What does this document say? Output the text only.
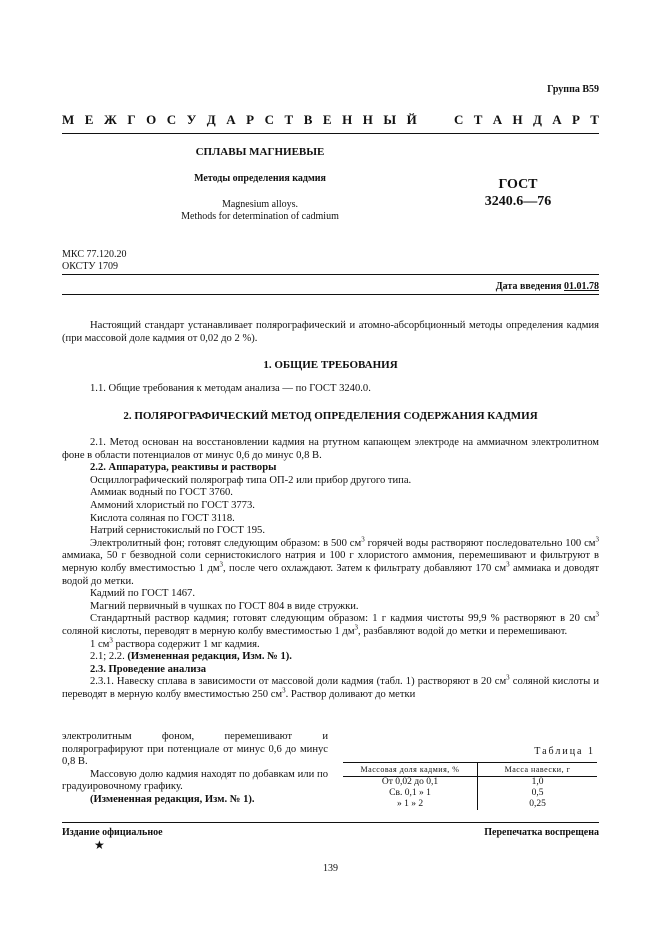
Группа В59
М Е Ж Г О С У Д А Р С Т В Е Н Н Ы Й	С Т А Н Д А Р Т
СПЛАВЫ МАГНИЕВЫЕ
Методы определения кадмия
Magnesium alloys.
Methods for determination of cadmium
ГОСТ
3240.6—76
МКС 77.120.20
ОКСТУ 1709
Дата введения 01.01.78

Настоящий стандарт устанавливает полярографический и атомно-абсорбционный методы определения кадмия (при массовой доле кадмия от 0,02 до 2 %).

1. ОБЩИЕ ТРЕБОВАНИЯ

1.1. Общие требования к методам анализа — по ГОСТ 3240.0.

2. ПОЛЯРОГРАФИЧЕСКИЙ МЕТОД ОПРЕДЕЛЕНИЯ СОДЕРЖАНИЯ КАДМИЯ

2.1. Метод основан на восстановлении кадмия на ртутном капающем электроде на аммиачном электролитном фоне в области потенциалов от минус 0,6 до минус 0,8 В.

2.2. Аппаратура, реактивы и растворы

Осциллографический полярограф типа ОП-2 или прибор другого типа.

Аммиак водный по ГОСТ 3760.

Аммоний хлористый по ГОСТ 3773.

Кислота соляная по ГОСТ 3118.

Натрий сернистокислый по ГОСТ 195.

Электролитный фон; готовят следующим образом: в 500 $см^3$ горячей воды растворяют последовательно 100 $см^3$ аммиака, 50 г безводной соли сернистокислого натрия и 100 г хлористого аммония, перемешивают и фильтруют в мерную колбу вместимостью 1 $дм^3$, после чего охлаждают. Затем к фильтрату добавляют 170 $см^3$ аммиака и доводят водой до метки.

Кадмий по ГОСТ 1467.

Магний первичный в чушках по ГОСТ 804 в виде стружки.

Стандартный раствор кадмия; готовят следующим образом: 1 г кадмия чистоты 99,9 % растворяют в 20 $см^3$ соляной кислоты, переводят в мерную колбу вместимостью 1 $дм^3$, разбавляют водой до метки и перемешивают.

1 $см^3$ раствора содержит 1 мг кадмия.

2.1; 2.2. (Измененная редакция, Изм. № 1).

2.3. Проведение анализа

2.3.1. Навеску сплава в зависимости от массовой доли кадмия (табл. 1) растворяют в 20 $см^3$ соляной кислоты и переводят в мерную колбу вместимостью 250 $см^3$. Раствор доливают до метки

электролитным фоном, перемешивают и полярографируют при потенциале от минус 0,6 до минус 0,8 В.

Массовую долю кадмия находят по добавкам или по градуировочному графику.

(Измененная редакция, Изм. № 1).

Таблица 1
Массовая доля кадмия, %	Масса навески, г
От 0,02 до 0,1	1,0
Св. 0,1 » 1	0,5
» 1 » 2	0,25
Издание официальное	Перепечатка воспрещена
★
139
